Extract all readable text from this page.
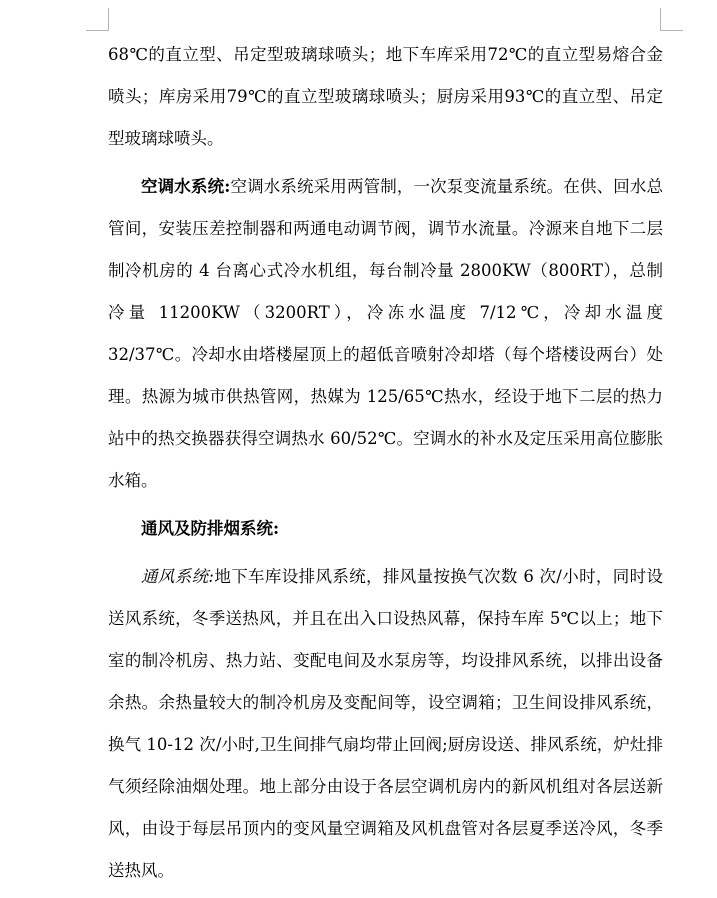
68℃的直立型、吊定型玻璃球喷头；地下车库采用72℃的直立型易熔合金喷头；库房采用79℃的直立型玻璃球喷头；厨房采用93℃的直立型、吊定型玻璃球喷头。

空调水系统:空调水系统采用两管制，一次泵变流量系统。在供、回水总管间，安装压差控制器和两通电动调节阀，调节水流量。冷源来自地下二层制冷机房的 4 台离心式冷水机组，每台制冷量 2800KW（800RT），总制冷量 11200KW（3200RT），冷冻水温度 7/12℃，冷却水温度 32/37℃。冷却水由塔楼屋顶上的超低音喷射冷却塔（每个塔楼设两台）处理。热源为城市供热管网，热媒为 125/65℃热水，经设于地下二层的热力站中的热交换器获得空调热水 60/52℃。空调水的补水及定压采用高位膨胀水箱。

通风及防排烟系统:

通风系统:地下车库设排风系统，排风量按换气次数 6 次/小时，同时设送风系统，冬季送热风，并且在出入口设热风幕，保持车库 5℃以上；地下室的制冷机房、热力站、变配电间及水泵房等，均设排风系统，以排出设备余热。余热量较大的制冷机房及变配间等，设空调箱；卫生间设排风系统，换气 10-12 次/小时,卫生间排气扇均带止回阀;厨房设送、排风系统，炉灶排气须经除油烟处理。地上部分由设于各层空调机房内的新风机组对各层送新风，由设于每层吊顶内的变风量空调箱及风机盘管对各层夏季送冷风，冬季送热风。
